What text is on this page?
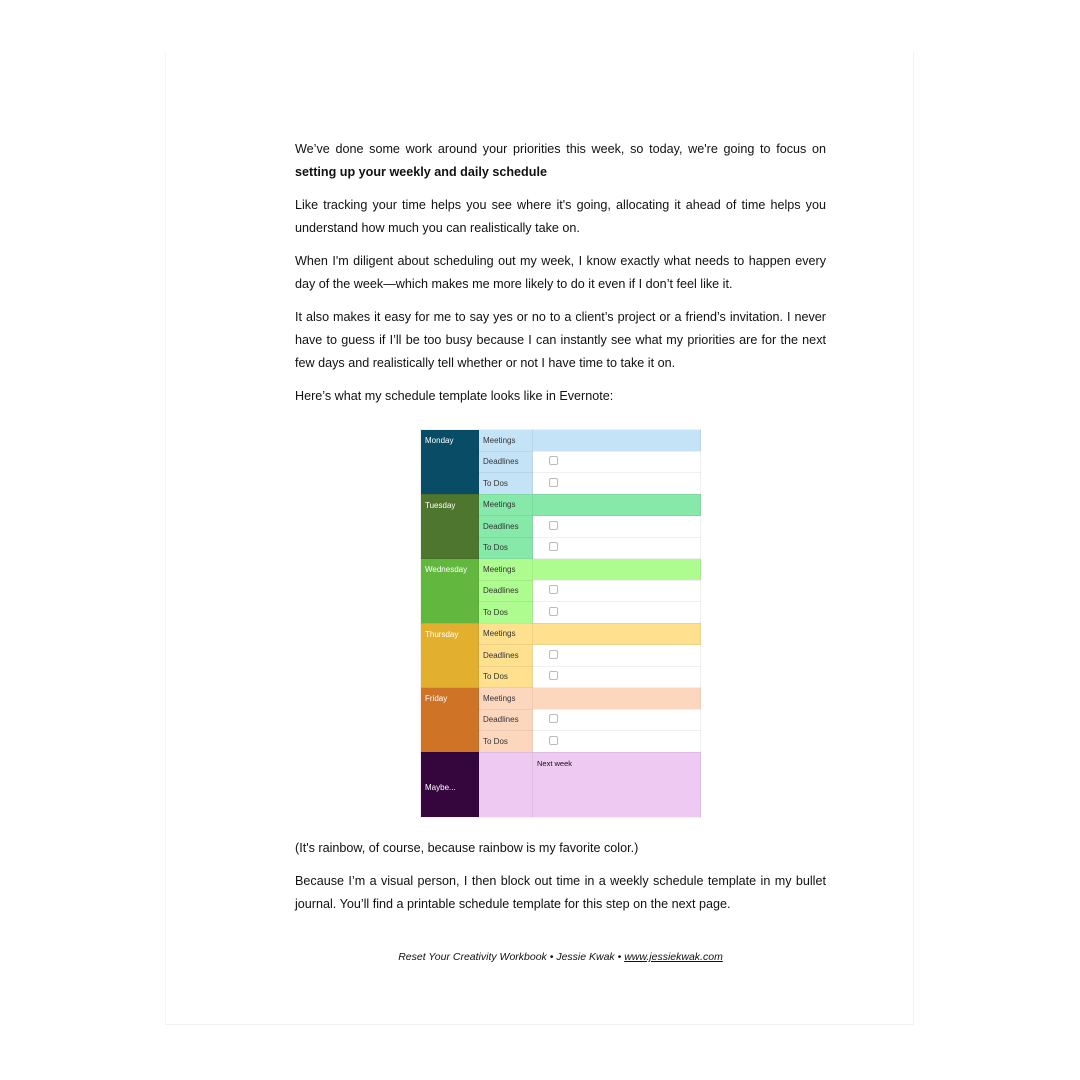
We’ve done some work around your priorities this week, so today, we're going to focus on setting up your weekly and daily schedule

Like tracking your time helps you see where it's going, allocating it ahead of time helps you understand how much you can realistically take on.

When I'm diligent about scheduling out my week, I know exactly what needs to happen every day of the week—which makes me more likely to do it even if I don’t feel like it.

It also makes it easy for me to say yes or no to a client’s project or a friend’s invitation. I never have to guess if I’ll be too busy because I can instantly see what my priorities are for the next few days and realistically tell whether or not I have time to take it on.

Here’s what my schedule template looks like in Evernote:

Monday	Meetings	
	Deadlines	
	To Dos	
Tuesday	Meetings	
	Deadlines	
	To Dos	
Wednesday	Meetings	
	Deadlines	
	To Dos	
Thursday	Meetings	
	Deadlines	
	To Dos	
Friday	Meetings	
	Deadlines	
	To Dos	
Maybe...		Next week

(It's rainbow, of course, because rainbow is my favorite color.)

Because I’m a visual person, I then block out time in a weekly schedule template in my bullet journal. You’ll find a printable schedule template for this step on the next page.

Reset Your Creativity Workbook • Jessie Kwak • www.jessiekwak.com
